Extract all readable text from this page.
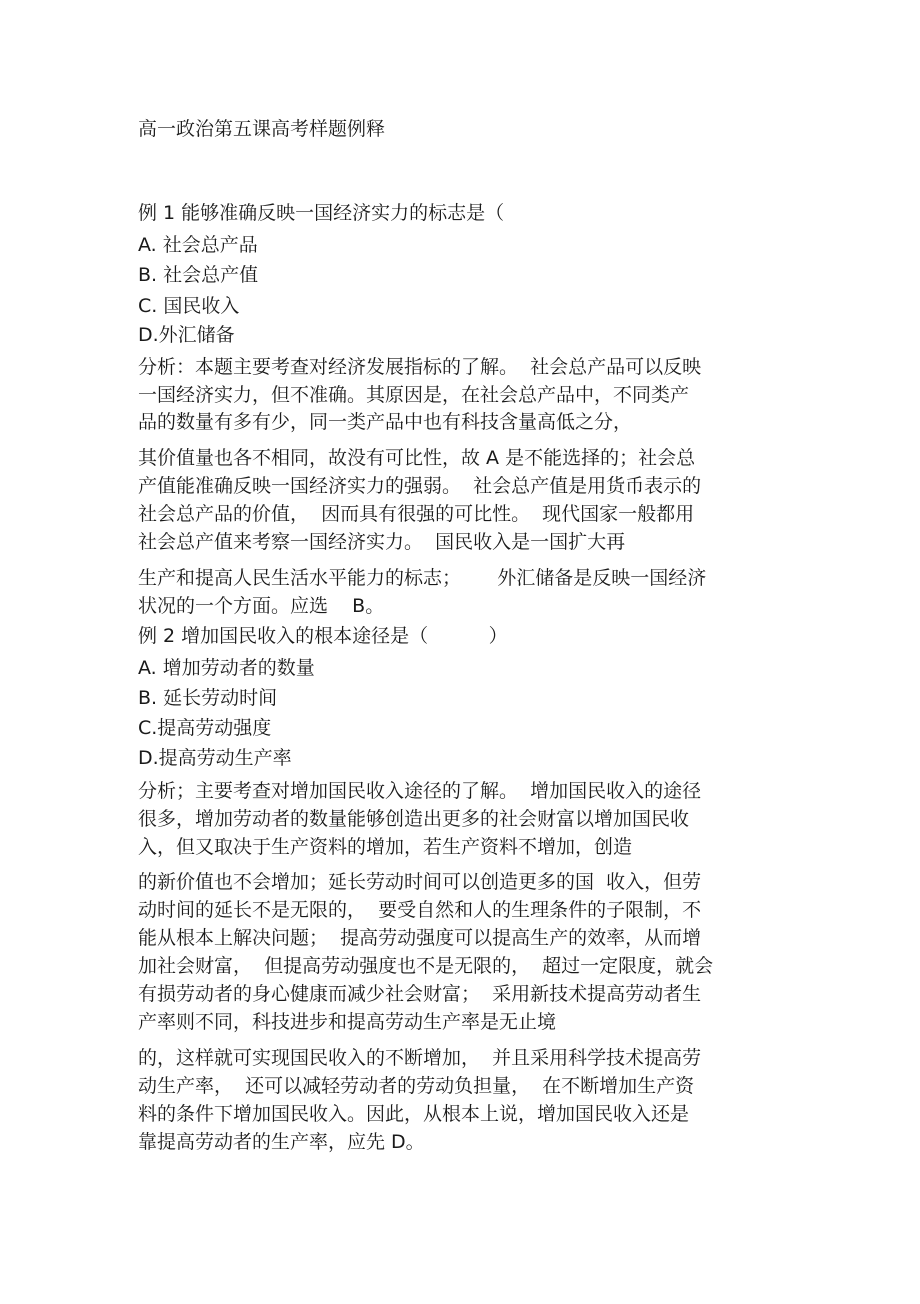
高一政治第五课高考样题例释
例 1 能够准确反映一国经济实力的标志是（
A. 社会总产品
B. 社会总产值
C. 国民收入
D.外汇储备
分析：本题主要考查对经济发展指标的了解。  社会总产品可以反映
一国经济实力，但不准确。其原因是，在社会总产品中，不同类产
品的数量有多有少，同一类产品中也有科技含量高低之分，
其价值量也各不相同，故没有可比性，故 A 是不能选择的；社会总
产值能准确反映一国经济实力的强弱。  社会总产值是用货币表示的
社会总产品的价值，  因而具有很强的可比性。  现代国家一般都用
社会总产值来考察一国经济实力。  国民收入是一国扩大再
生产和提高人民生活水平能力的标志；      外汇储备是反映一国经济
状况的一个方面。应选    B。
例 2 增加国民收入的根本途径是（          ）
A. 增加劳动者的数量
B. 延长劳动时间
C.提高劳动强度
D.提高劳动生产率
分析；主要考查对增加国民收入途径的了解。  增加国民收入的途径
很多，增加劳动者的数量能够创造出更多的社会财富以增加国民收
入，但又取决于生产资料的增加，若生产资料不增加，创造
的新价值也不会增加；延长劳动时间可以创造更多的国  收入，但劳
动时间的延长不是无限的，  要受自然和人的生理条件的子限制，不
能从根本上解决问题；  提高劳动强度可以提高生产的效率，从而增
加社会财富，  但提高劳动强度也不是无限的，  超过一定限度，就会
有损劳动者的身心健康而减少社会财富；  采用新技术提高劳动者生
产率则不同，科技进步和提高劳动生产率是无止境
的，这样就可实现国民收入的不断增加，  并且采用科学技术提高劳
动生产率，  还可以减轻劳动者的劳动负担量，  在不断增加生产资
料的条件下增加国民收入。因此，从根本上说，增加国民收入还是
靠提高劳动者的生产率，应先 D。
